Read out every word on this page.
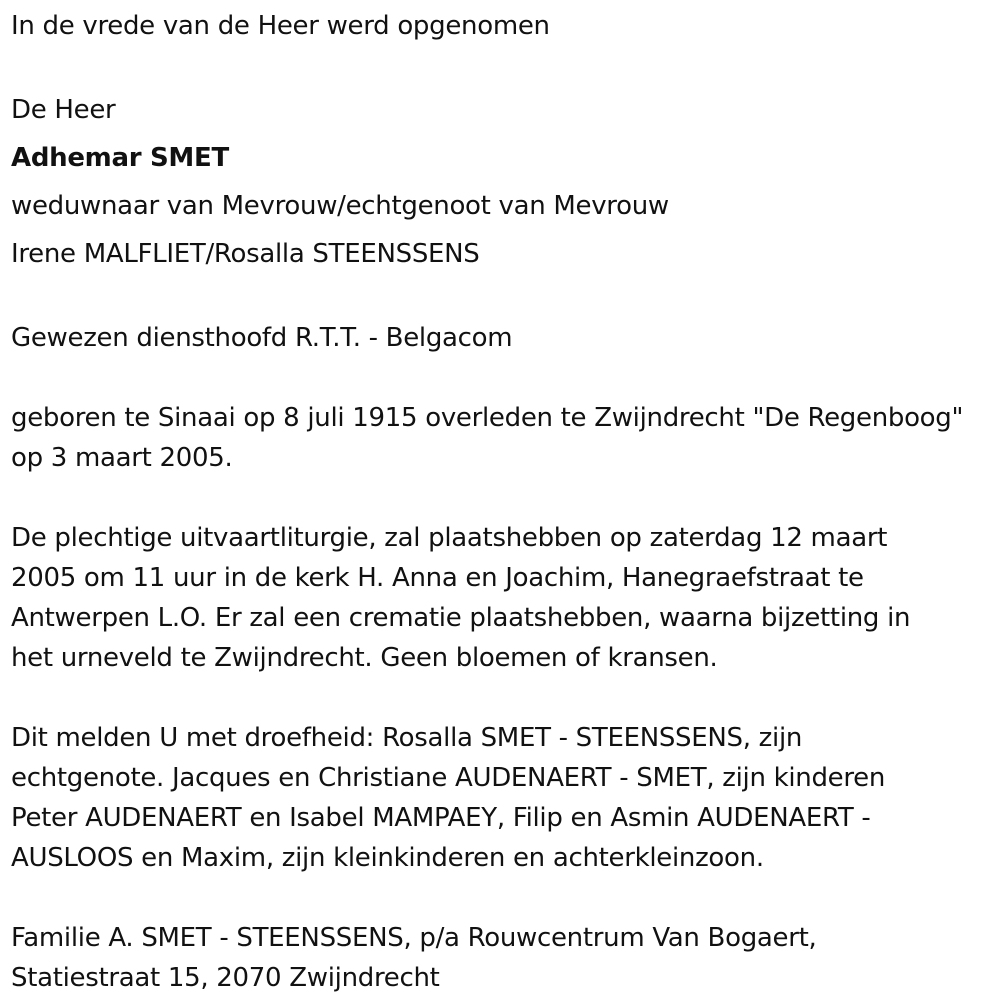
In de vrede van de Heer werd opgenomen
De Heer
Adhemar SMET
weduwnaar van Mevrouw/echtgenoot van Mevrouw
Irene MALFLIET/Rosalla STEENSSENS
Gewezen diensthoofd R.T.T. - Belgacom
geboren te Sinaai op 8 juli 1915 overleden te Zwijndrecht "De Regenboog"
op 3 maart 2005.
De plechtige uitvaartliturgie, zal plaatshebben op zaterdag 12 maart
2005 om 11 uur in de kerk H. Anna en Joachim, Hanegraefstraat te
Antwerpen L.O. Er zal een crematie plaatshebben, waarna bijzetting in
het urneveld te Zwijndrecht. Geen bloemen of kransen.
Dit melden U met droefheid: Rosalla SMET - STEENSSENS, zijn
echtgenote. Jacques en Christiane AUDENAERT - SMET, zijn kinderen
Peter AUDENAERT en Isabel MAMPAEY, Filip en Asmin AUDENAERT -
AUSLOOS en Maxim, zijn kleinkinderen en achterkleinzoon.
Familie A. SMET - STEENSSENS, p/a Rouwcentrum Van Bogaert,
Statiestraat 15, 2070 Zwijndrecht
